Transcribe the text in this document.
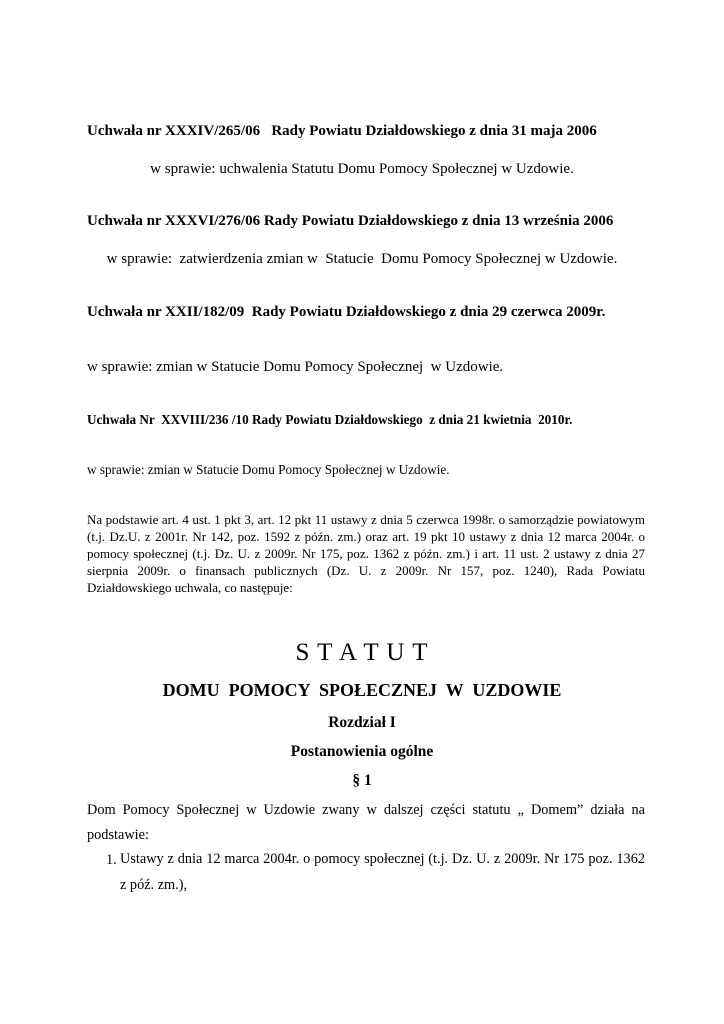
Uchwała nr XXXIV/265/06   Rady Powiatu Działdowskiego z dnia 31 maja 2006
w sprawie: uchwalenia Statutu Domu Pomocy Społecznej w Uzdowie.
Uchwała nr XXXVI/276/06 Rady Powiatu Działdowskiego z dnia 13 września 2006
w sprawie:  zatwierdzenia zmian w  Statucie  Domu Pomocy Społecznej w Uzdowie.
Uchwała nr XXII/182/09  Rady Powiatu Działdowskiego z dnia 29 czerwca 2009r.
w sprawie: zmian w Statucie Domu Pomocy Społecznej  w Uzdowie.
Uchwała Nr  XXVIII/236 /10 Rady Powiatu Działdowskiego  z dnia 21 kwietnia  2010r.
w sprawie: zmian w Statucie Domu Pomocy Społecznej w Uzdowie.
Na podstawie art. 4 ust. 1 pkt 3, art. 12 pkt 11 ustawy z dnia 5 czerwca 1998r. o samorządzie powiatowym (t.j. Dz.U. z 2001r. Nr 142, poz. 1592 z późn. zm.) oraz art. 19 pkt 10 ustawy z dnia 12 marca 2004r. o pomocy społecznej (t.j. Dz. U. z 2009r. Nr 175, poz. 1362 z późn. zm.) i art. 11 ust. 2 ustawy z dnia 27 sierpnia 2009r. o finansach publicznych (Dz. U. z 2009r. Nr 157, poz. 1240), Rada Powiatu Działdowskiego uchwala, co następuje:
S T A T U T
DOMU  POMOCY  SPOŁECZNEJ  W  UZDOWIE
Rozdział I
Postanowienia ogólne
§ 1
Dom Pomocy Społecznej w Uzdowie zwany w dalszej części statutu „ Domem” działa na podstawie:
1. Ustawy z dnia 12 marca 2004r. o pomocy społecznej (t.j. Dz. U. z 2009r. Nr 175 poz. 1362 z póź. zm.),
